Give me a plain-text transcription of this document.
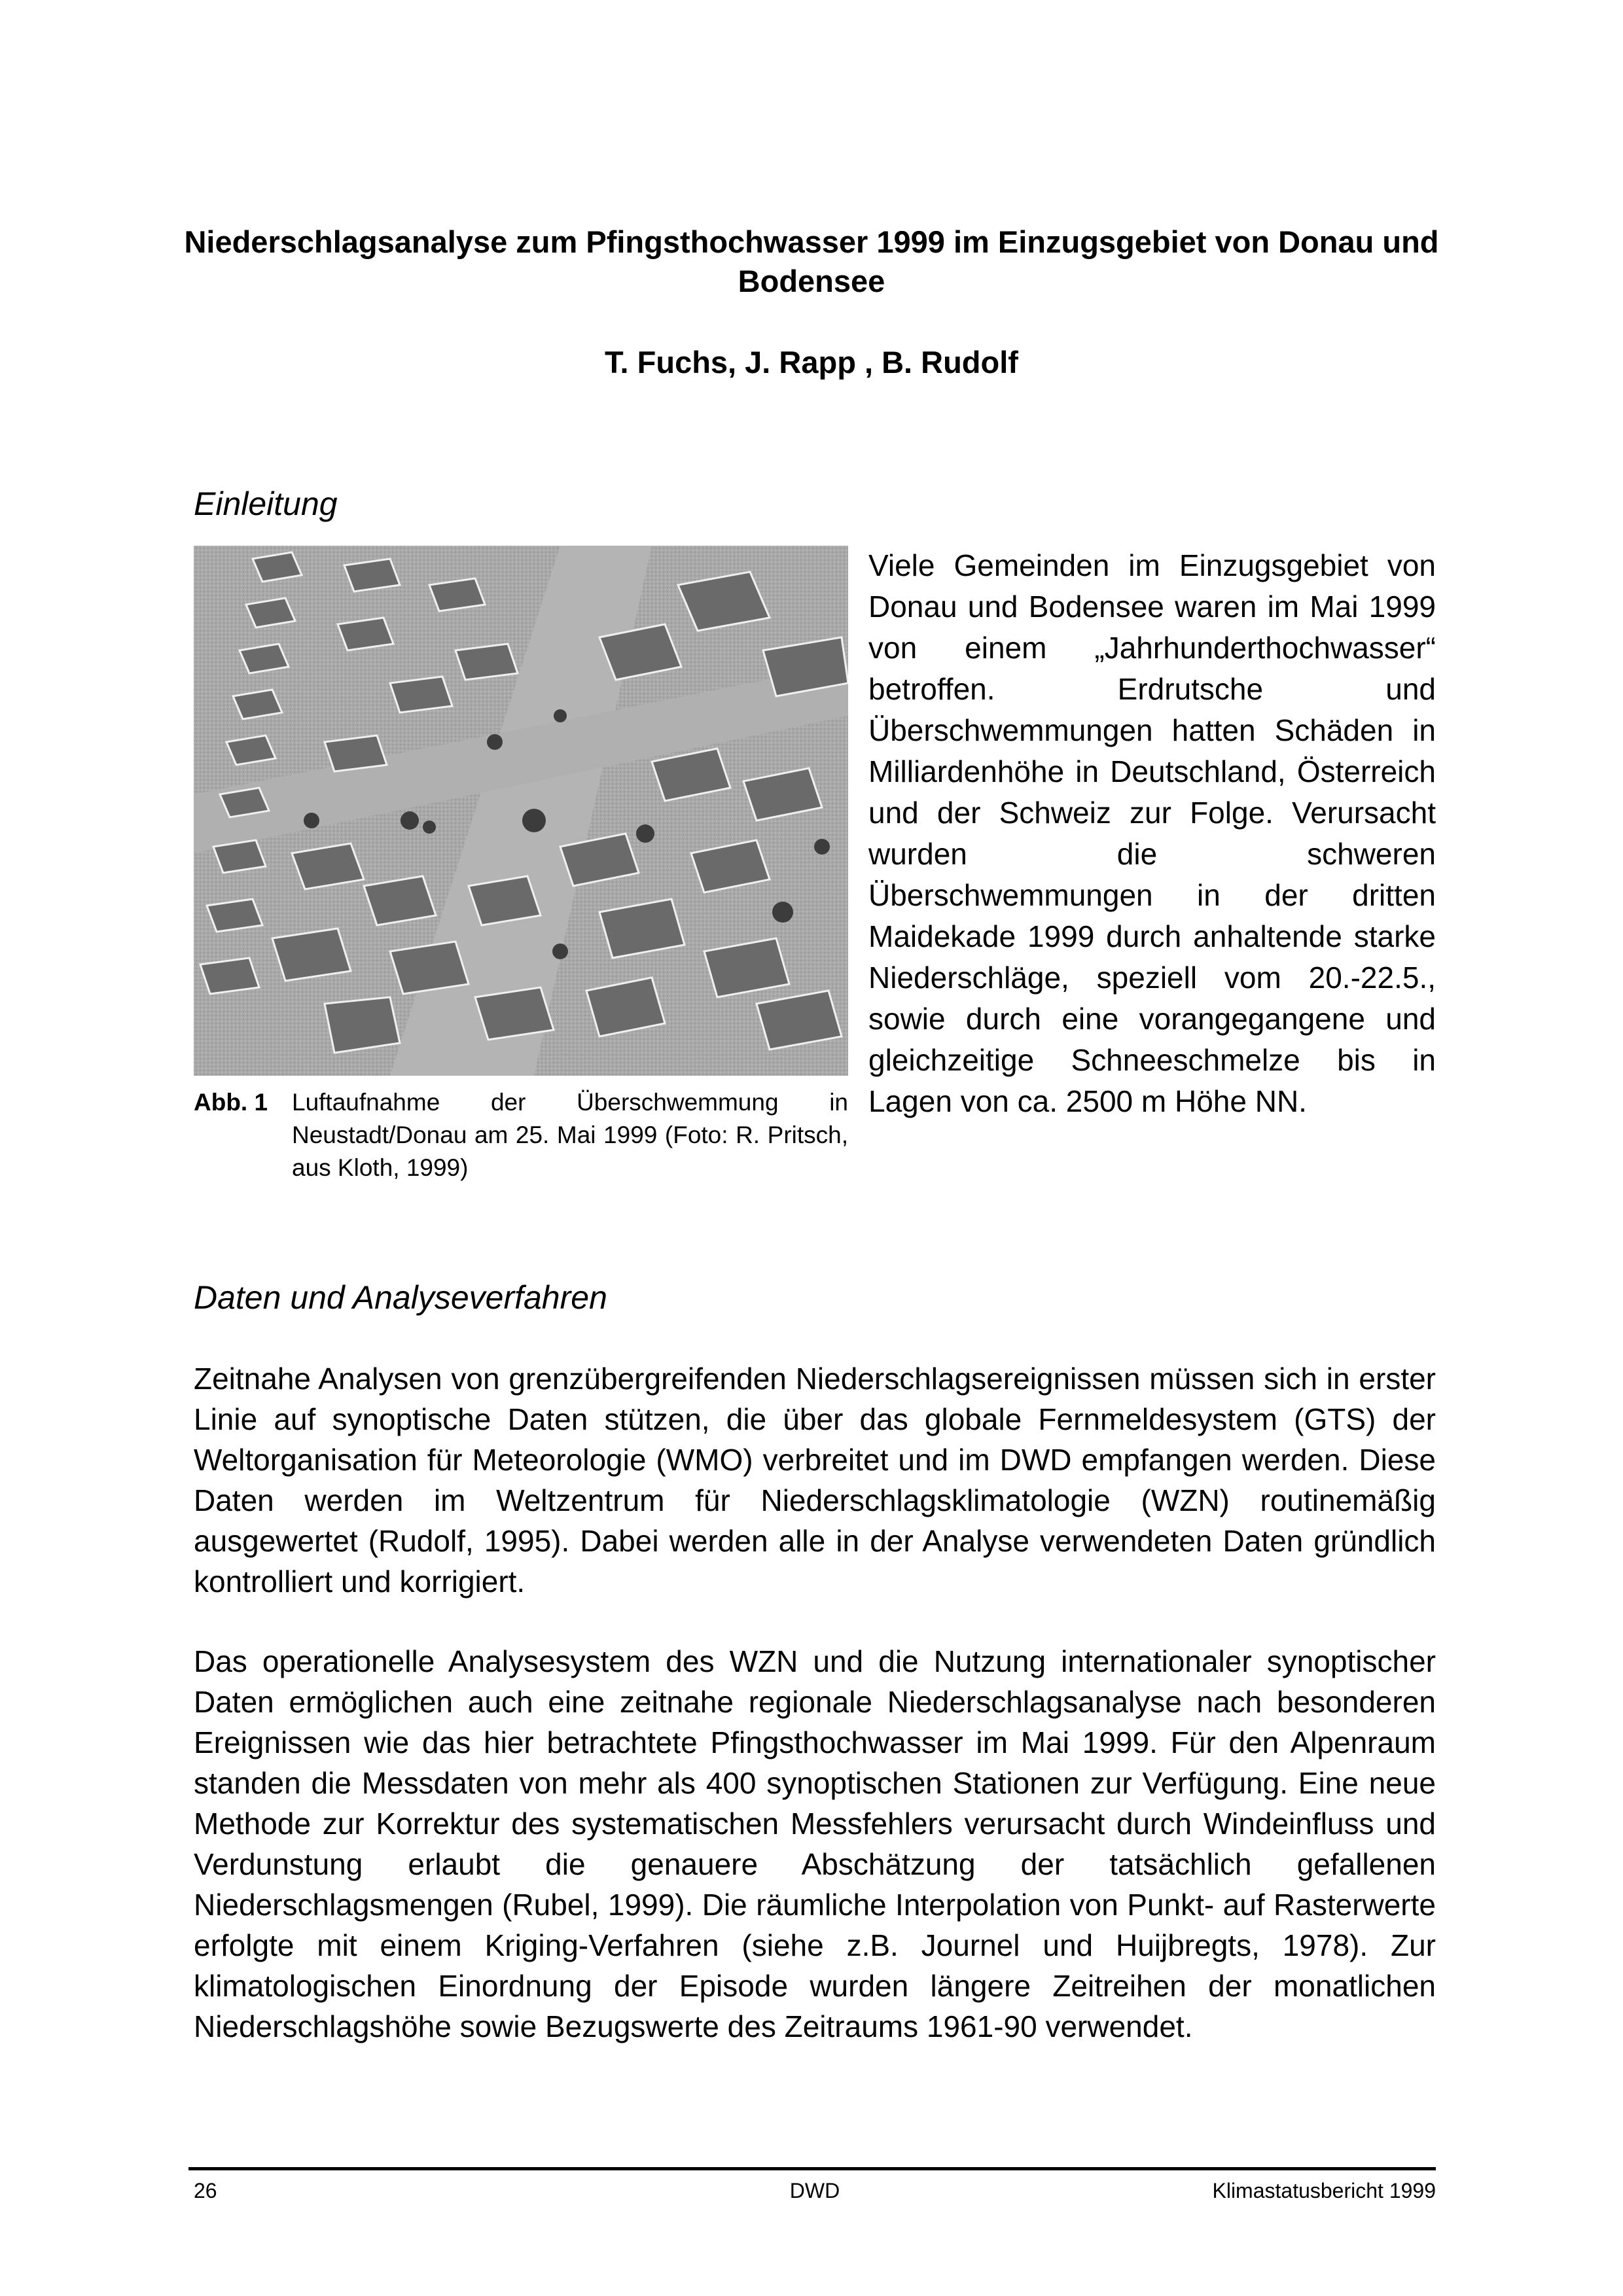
Niederschlagsanalyse zum Pfingsthochwasser 1999 im Einzugsgebiet von Donau und Bodensee
T. Fuchs, J. Rapp , B. Rudolf
Einleitung
Abb. 1 Luftaufnahme der Überschwemmung in Neustadt/Donau am 25. Mai 1999 (Foto: R. Pritsch, aus Kloth, 1999)
Viele Gemeinden im Einzugsgebiet von Donau und Bodensee waren im Mai 1999 von einem „Jahrhunderthochwasser“ betroffen. Erdrutsche und Überschwemmungen hatten Schäden in Milliardenhöhe in Deutschland, Österreich und der Schweiz zur Folge. Verursacht wurden die schweren Überschwemmungen in der dritten Maidekade 1999 durch anhaltende starke Niederschläge, speziell vom 20.-22.5., sowie durch eine vorangegangene und gleichzeitige Schneeschmelze bis in Lagen von ca. 2500 m Höhe NN.
Daten und Analyseverfahren
Zeitnahe Analysen von grenzübergreifenden Niederschlagsereignissen müssen sich in erster Linie auf synoptische Daten stützen, die über das globale Fernmeldesystem (GTS) der Weltorganisation für Meteorologie (WMO) verbreitet und im DWD empfangen werden. Diese Daten werden im Weltzentrum für Niederschlagsklimatologie (WZN) routinemäßig ausgewertet (Rudolf, 1995). Dabei werden alle in der Analyse verwendeten Daten gründlich kontrolliert und korrigiert.
Das operationelle Analysesystem des WZN und die Nutzung internationaler synoptischer Daten ermöglichen auch eine zeitnahe regionale Niederschlagsanalyse nach besonderen Ereignissen wie das hier betrachtete Pfingsthochwasser im Mai 1999. Für den Alpenraum standen die Messdaten von mehr als 400 synoptischen Stationen zur Verfügung. Eine neue Methode zur Korrektur des systematischen Messfehlers verursacht durch Windeinfluss und Verdunstung erlaubt die genauere Abschätzung der tatsächlich gefallenen Niederschlagsmengen (Rubel, 1999). Die räumliche Interpolation von Punkt- auf Rasterwerte erfolgte mit einem Kriging-Verfahren (siehe z.B. Journel und Huijbregts, 1978). Zur klimatologischen Einordnung der Episode wurden längere Zeitreihen der monatlichen Niederschlagshöhe sowie Bezugswerte des Zeitraums 1961-90 verwendet.
26	DWD	Klimastatusbericht 1999
